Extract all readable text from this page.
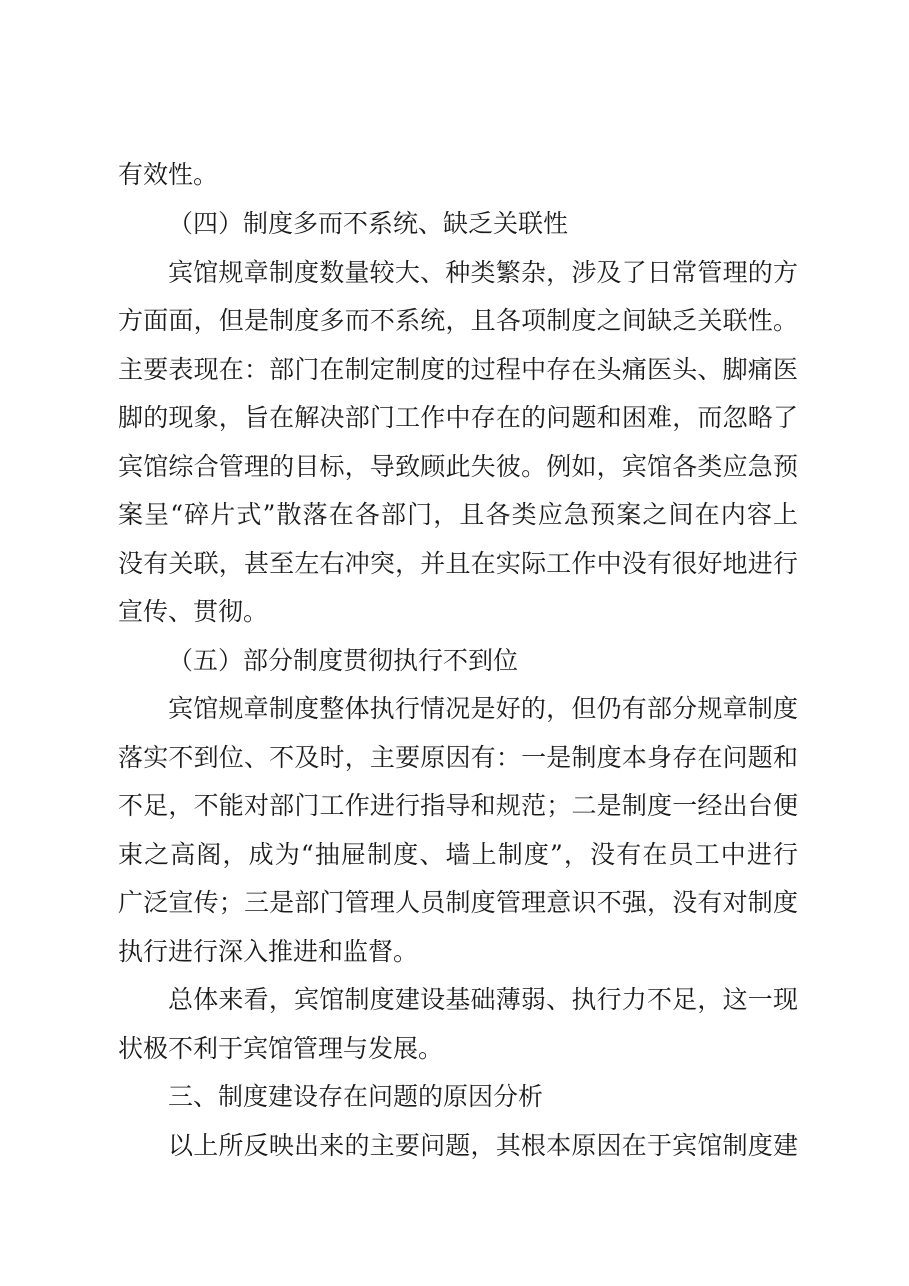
有效性。
（四）制度多而不系统、缺乏关联性
宾馆规章制度数量较大、种类繁杂，涉及了日常管理的方
方面面，但是制度多而不系统，且各项制度之间缺乏关联性。
主要表现在：部门在制定制度的过程中存在头痛医头、脚痛医
脚的现象，旨在解决部门工作中存在的问题和困难，而忽略了
宾馆综合管理的目标，导致顾此失彼。例如，宾馆各类应急预
案呈“碎片式”散落在各部门，且各类应急预案之间在内容上
没有关联，甚至左右冲突，并且在实际工作中没有很好地进行
宣传、贯彻。
（五）部分制度贯彻执行不到位
宾馆规章制度整体执行情况是好的，但仍有部分规章制度
落实不到位、不及时，主要原因有：一是制度本身存在问题和
不足，不能对部门工作进行指导和规范；二是制度一经出台便
束之高阁，成为“抽屉制度、墙上制度”，没有在员工中进行
广泛宣传；三是部门管理人员制度管理意识不强，没有对制度
执行进行深入推进和监督。
总体来看，宾馆制度建设基础薄弱、执行力不足，这一现
状极不利于宾馆管理与发展。
三、制度建设存在问题的原因分析
以上所反映出来的主要问题，其根本原因在于宾馆制度建
